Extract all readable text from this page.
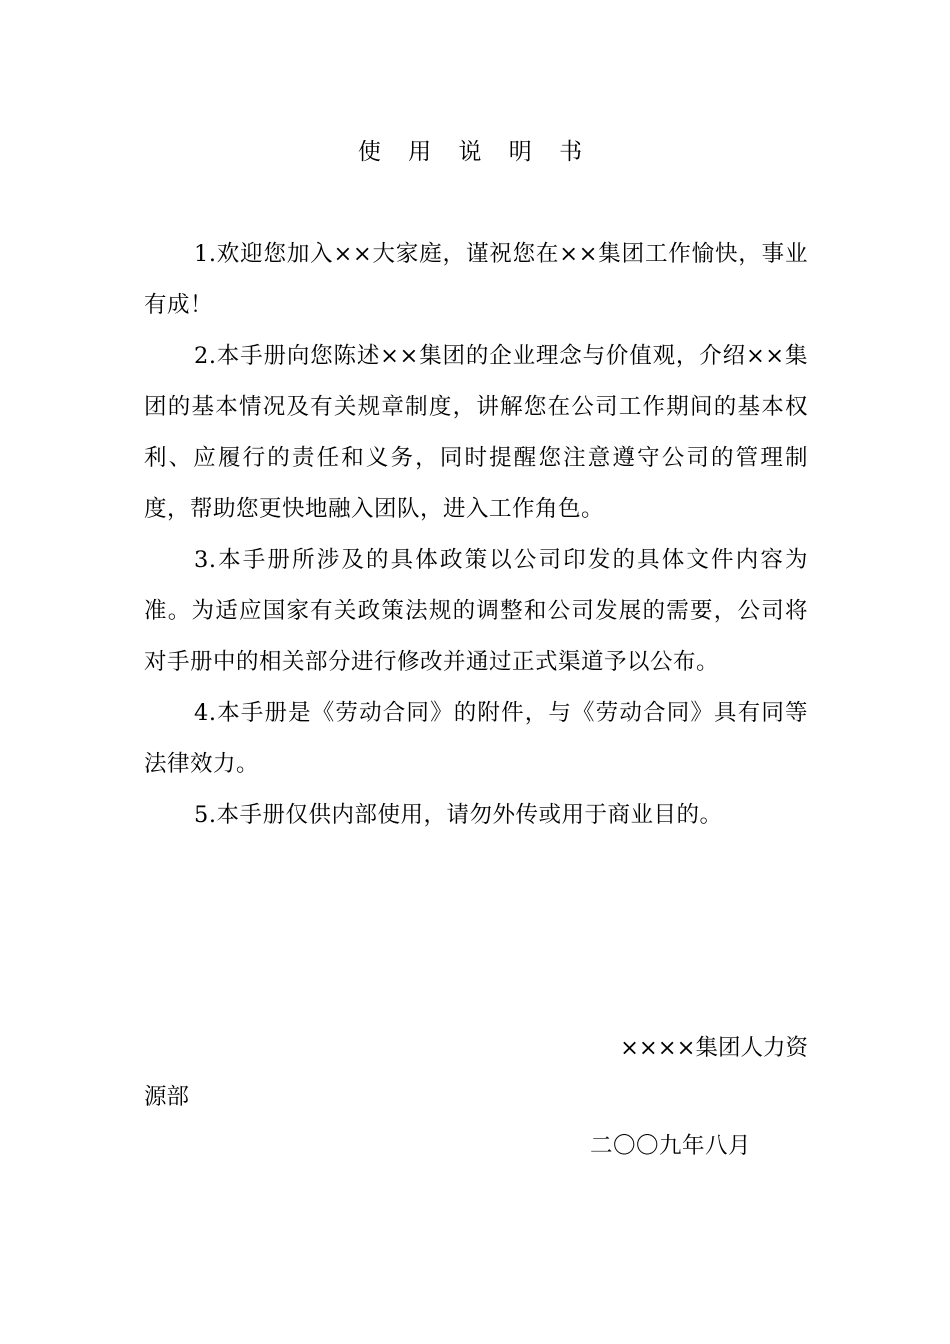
使 用 说 明 书

1.欢迎您加入××大家庭，谨祝您在××集团工作愉快，事业有成！

2.本手册向您陈述××集团的企业理念与价值观，介绍××集团的基本情况及有关规章制度，讲解您在公司工作期间的基本权利、应履行的责任和义务，同时提醒您注意遵守公司的管理制度，帮助您更快地融入团队，进入工作角色。

3.本手册所涉及的具体政策以公司印发的具体文件内容为准。为适应国家有关政策法规的调整和公司发展的需要，公司将对手册中的相关部分进行修改并通过正式渠道予以公布。

4.本手册是《劳动合同》的附件，与《劳动合同》具有同等法律效力。

5.本手册仅供内部使用，请勿外传或用于商业目的。

××××集团人力资
源部
二〇〇九年八月
